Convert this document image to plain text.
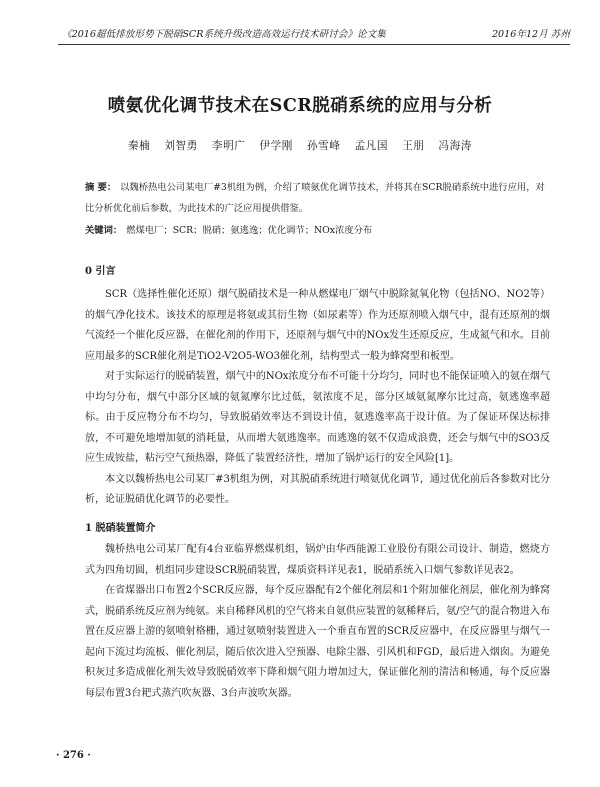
《2016超低排放形势下脱硝SCR系统升级改造高效运行技术研讨会》论文集	2016年12月 苏州
喷氨优化调节技术在SCR脱硝系统的应用与分析
秦楠 刘智勇 李明广 伊学刚 孙雪峰 孟凡国 王朋 冯海涛
摘 要： 以魏桥热电公司某电厂#3机组为例，介绍了喷氨优化调节技术，并将其在SCR脱硝系统中进行应用，对比分析优化前后参数，为此技术的广泛应用提供借鉴。
关键词： 燃煤电厂；SCR；脱硝；氨逃逸；优化调节；NOx浓度分布
0 引言

SCR（选择性催化还原）烟气脱硝技术是一种从燃煤电厂烟气中脱除氮氧化物（包括NO、NO2等）的烟气净化技术。该技术的原理是将氨或其衍生物（如尿素等）作为还原剂喷入烟气中，混有还原剂的烟气流经一个催化反应器，在催化剂的作用下，还原剂与烟气中的NOx发生还原反应，生成氮气和水。目前应用最多的SCR催化剂是TiO2-V2O5-WO3催化剂，结构型式一般为蜂窝型和板型。

对于实际运行的脱硝装置，烟气中的NOx浓度分布不可能十分均匀，同时也不能保证喷入的氨在烟气中均匀分布，烟气中部分区域的氨氮摩尔比过低，氨浓度不足，部分区域氨氮摩尔比过高，氨逃逸率超标。由于反应物分布不均匀，导致脱硝效率达不到设计值，氨逃逸率高于设计值。为了保证环保达标排放，不可避免地增加氨的消耗量，从而增大氨逃逸率。而逃逸的氨不仅造成浪费，还会与烟气中的SO3反应生成铵盐，粘污空气预热器，降低了装置经济性，增加了锅炉运行的安全风险[1]。

本文以魏桥热电公司某厂#3机组为例，对其脱硝系统进行喷氨优化调节，通过优化前后各参数对比分析，论证脱硝优化调节的必要性。

1 脱硝装置简介

魏桥热电公司某厂配有4台亚临界燃煤机组，锅炉由华西能源工业股份有限公司设计、制造，燃烧方式为四角切圆，机组同步建设SCR脱硝装置，煤质资料详见表1，脱硝系统入口烟气参数详见表2。

在省煤器出口布置2个SCR反应器，每个反应器配有2个催化剂层和1个附加催化剂层，催化剂为蜂窝式，脱硝系统反应剂为纯氨。来自稀释风机的空气将来自氨供应装置的氨稀释后，氨/空气的混合物进入布置在反应器上游的氨喷射格栅，通过氨喷射装置进入一个垂直布置的SCR反应器中，在反应器里与烟气一起向下流过均流板、催化剂层，随后依次进入空预器、电除尘器、引风机和FGD，最后进入烟囱。为避免积灰过多造成催化剂失效导致脱硝效率下降和烟气阻力增加过大，保证催化剂的清洁和畅通，每个反应器每层布置3台耙式蒸汽吹灰器、3台声波吹灰器。

· 276 ·
